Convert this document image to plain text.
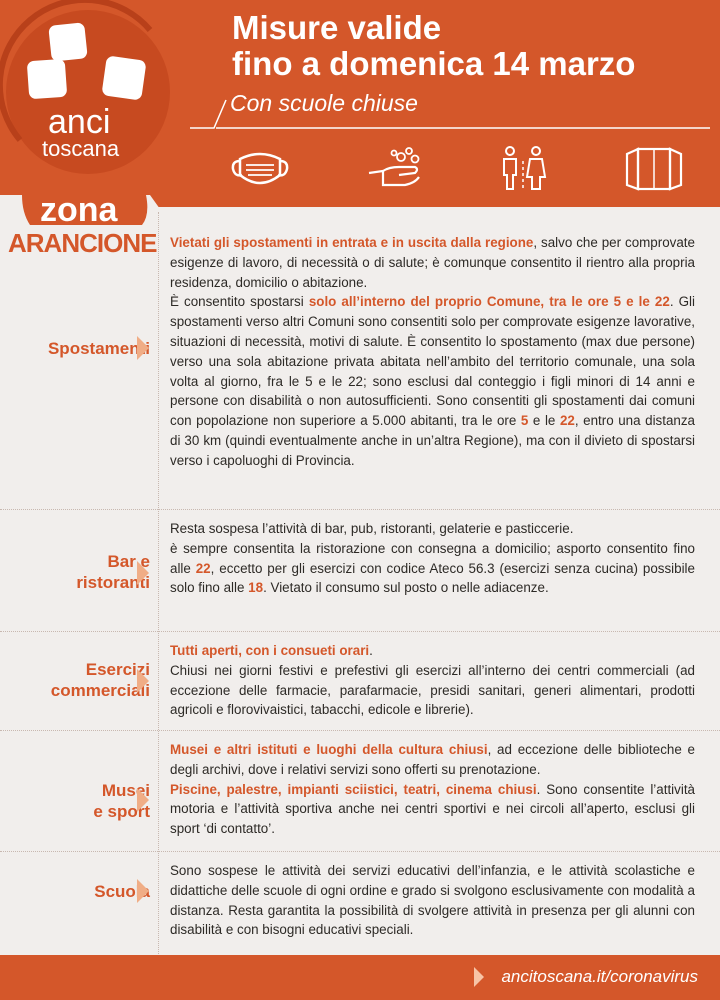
anci
toscana
Misure valide
fino a domenica 14 marzo
Con scuole chiuse
zona
ARANCIONE
Spostamenti
Vietati gli spostamenti in entrata e in uscita dalla regione, salvo che per comprovate esigenze di lavoro, di necessità o di salute; è comunque consentito il rientro alla propria residenza, domicilio o abitazione.
È consentito spostarsi solo all’interno del proprio Comune, tra le ore 5 e le 22. Gli spostamenti verso altri Comuni sono consentiti solo per comprovate esigenze lavorative, situazioni di necessità, motivi di salute. È consentito lo spostamento (max due persone) verso una sola abitazione privata abitata nell’ambito del territorio comunale, una sola volta al giorno, fra le 5 e le 22; sono esclusi dal conteggio i figli minori di 14 anni e persone con disabilità o non autosufficienti. Sono consentiti gli spostamenti dai comuni con popolazione non superiore a 5.000 abitanti, tra le ore 5 e le 22, entro una distanza di 30 km (quindi eventualmente anche in un’altra Regione), ma con il divieto di spostarsi verso i capoluoghi di Provincia.
Bar e
ristoranti
Resta sospesa l’attività di bar, pub, ristoranti, gelaterie e pasticcerie.
è sempre consentita la ristorazione con consegna a domicilio; asporto consentito fino alle 22, eccetto per gli esercizi con codice Ateco 56.3 (esercizi senza cucina) possibile solo fino alle 18. Vietato il consumo sul posto o nelle adiacenze.
Esercizi
commerciali
Tutti aperti, con i consueti orari.
Chiusi nei giorni festivi e prefestivi gli esercizi all’interno dei centri commerciali (ad eccezione delle farmacie, parafarmacie, presidi sanitari, generi alimentari, prodotti agricoli e florovivaistici, tabacchi, edicole e librerie).
Musei
e sport
Musei e altri istituti e luoghi della cultura chiusi, ad eccezione delle biblioteche e degli archivi, dove i relativi servizi sono offerti su prenotazione.
Piscine, palestre, impianti sciistici, teatri, cinema chiusi. Sono consentite l’attività motoria e l’attività sportiva anche nei centri sportivi e nei circoli all’aperto, esclusi gli sport ‘di contatto’.
Scuola
Sono sospese le attività dei servizi educativi dell’infanzia, e le attività scolastiche e didattiche delle scuole di ogni ordine e grado si svolgono esclusivamente con modalità a distanza. Resta garantita la possibilità di svolgere attività in presenza per gli alunni con disabilità e con bisogni educativi speciali.
ancitoscana.it/coronavirus
